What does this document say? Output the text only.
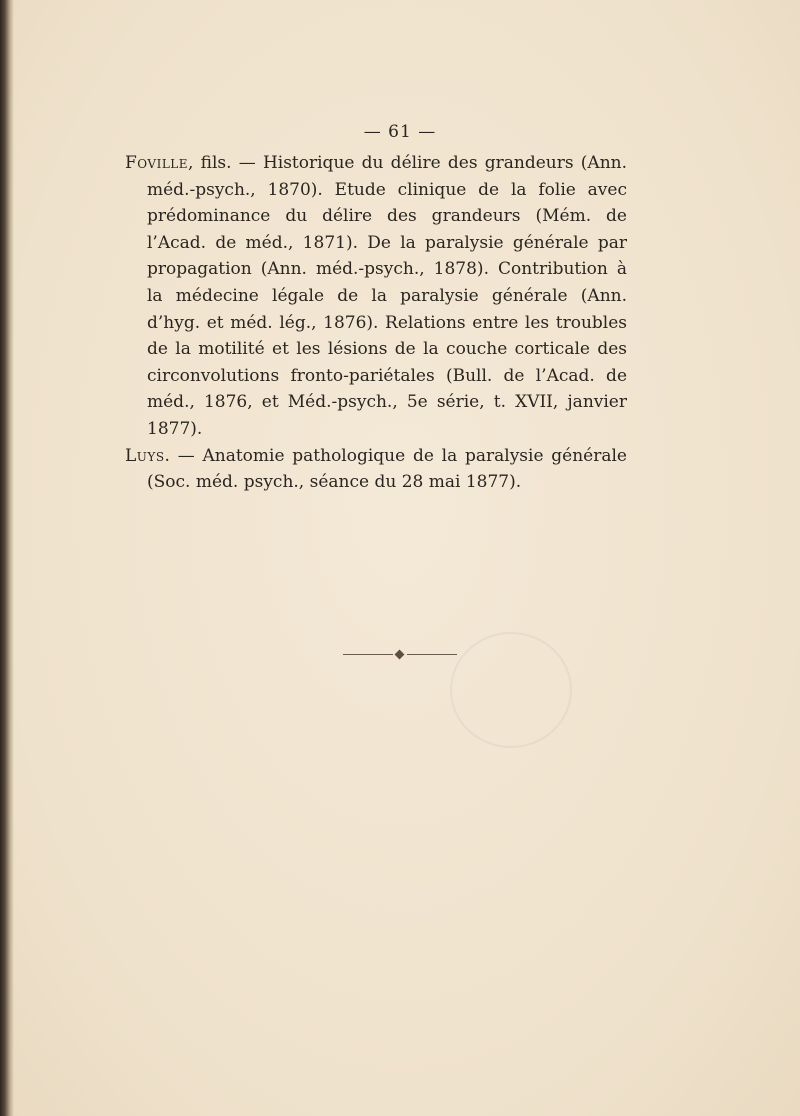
— 61 —

Foville, fils. — Historique du délire des grandeurs (Ann. méd.-psych., 1870). Etude clinique de la folie avec prédominance du délire des grandeurs (Mém. de l’Acad. de méd., 1871). De la paralysie générale par propagation (Ann. méd.-psych., 1878). Contribution à la médecine légale de la paralysie générale (Ann. d’hyg. et méd. lég., 1876). Relations entre les troubles de la motilité et les lésions de la couche corticale des circonvolutions fronto-pariétales (Bull. de l’Acad. de méd., 1876, et Méd.-psych., 5e série, t. XVII, janvier 1877).

Luys. — Anatomie pathologique de la paralysie générale (Soc. méd. psych., séance du 28 mai 1877).
